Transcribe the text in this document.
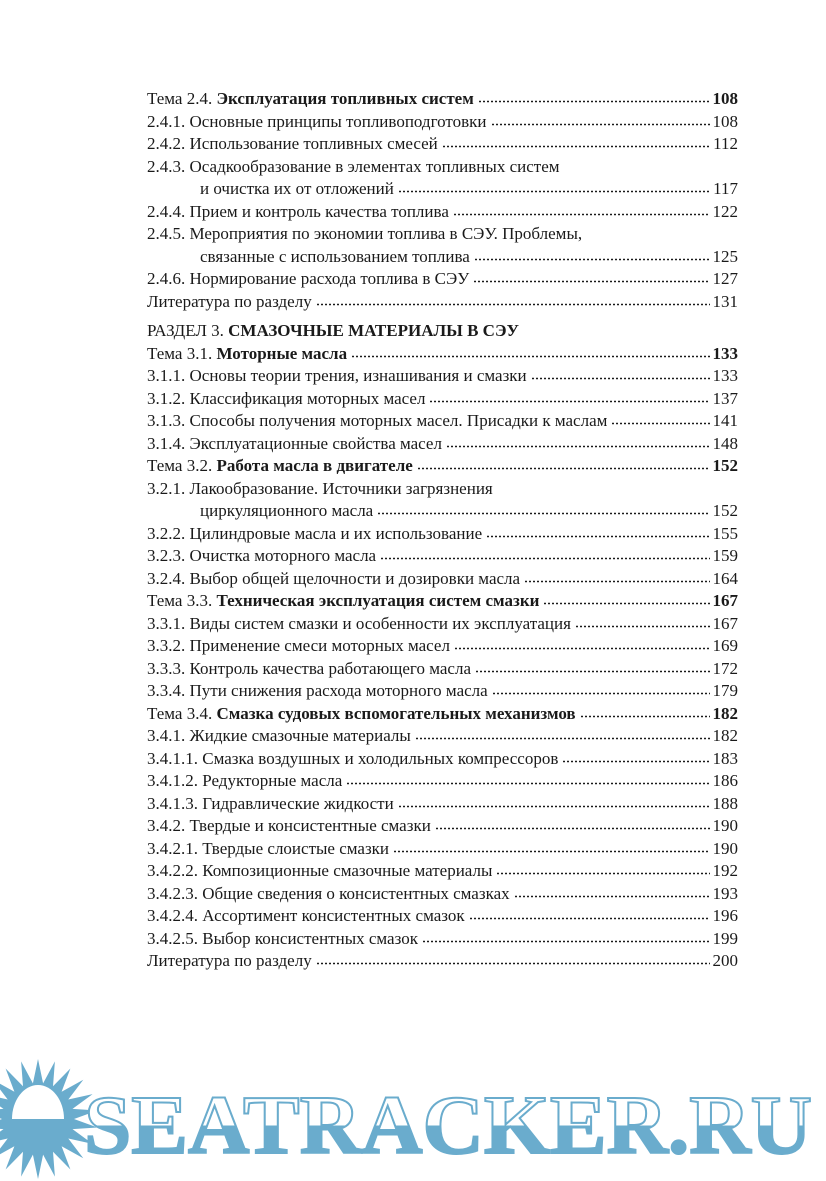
Тема 2.4. Эксплуатация топливных систем	108
2.4.1. Основные принципы топливоподготовки	108
2.4.2. Использование топливных смесей	112
2.4.3. Осадкообразование в элементах топливных систем
и очистка их от отложений	117
2.4.4. Прием и контроль качества топлива	122
2.4.5. Мероприятия по экономии топлива в СЭУ. Проблемы,
связанные с использованием топлива	125
2.4.6. Нормирование расхода топлива в СЭУ	127
Литература по разделу	131
РАЗДЕЛ 3. СМАЗОЧНЫЕ МАТЕРИАЛЫ В СЭУ
Тема 3.1. Моторные масла	133
3.1.1. Основы теории трения, изнашивания и смазки	133
3.1.2. Классификация моторных масел	137
3.1.3. Способы получения моторных масел. Присадки к маслам	141
3.1.4. Эксплуатационные свойства масел	148
Тема 3.2. Работа масла в двигателе	152
3.2.1. Лакообразование. Источники загрязнения
циркуляционного масла	152
3.2.2. Цилиндровые масла и их использование	155
3.2.3. Очистка моторного масла	159
3.2.4. Выбор общей щелочности и дозировки масла	164
Тема 3.3. Техническая эксплуатация систем смазки	167
3.3.1. Виды систем смазки и особенности их эксплуатация	167
3.3.2. Применение смеси моторных масел	169
3.3.3. Контроль качества работающего масла	172
3.3.4. Пути снижения расхода моторного масла	179
Тема 3.4. Смазка судовых вспомогательных механизмов	182
3.4.1. Жидкие смазочные материалы	182
3.4.1.1. Смазка воздушных и холодильных компрессоров	183
3.4.1.2. Редукторные масла	186
3.4.1.3. Гидравлические жидкости	188
3.4.2. Твердые и консистентные смазки	190
3.4.2.1. Твердые слоистые смазки	190
3.4.2.2. Композиционные смазочные материалы	192
3.4.2.3. Общие сведения о консистентных смазках	193
3.4.2.4. Ассортимент консистентных смазок	196
3.4.2.5. Выбор консистентных смазок	199
Литература по разделу	200
SEATRACKER.RU
